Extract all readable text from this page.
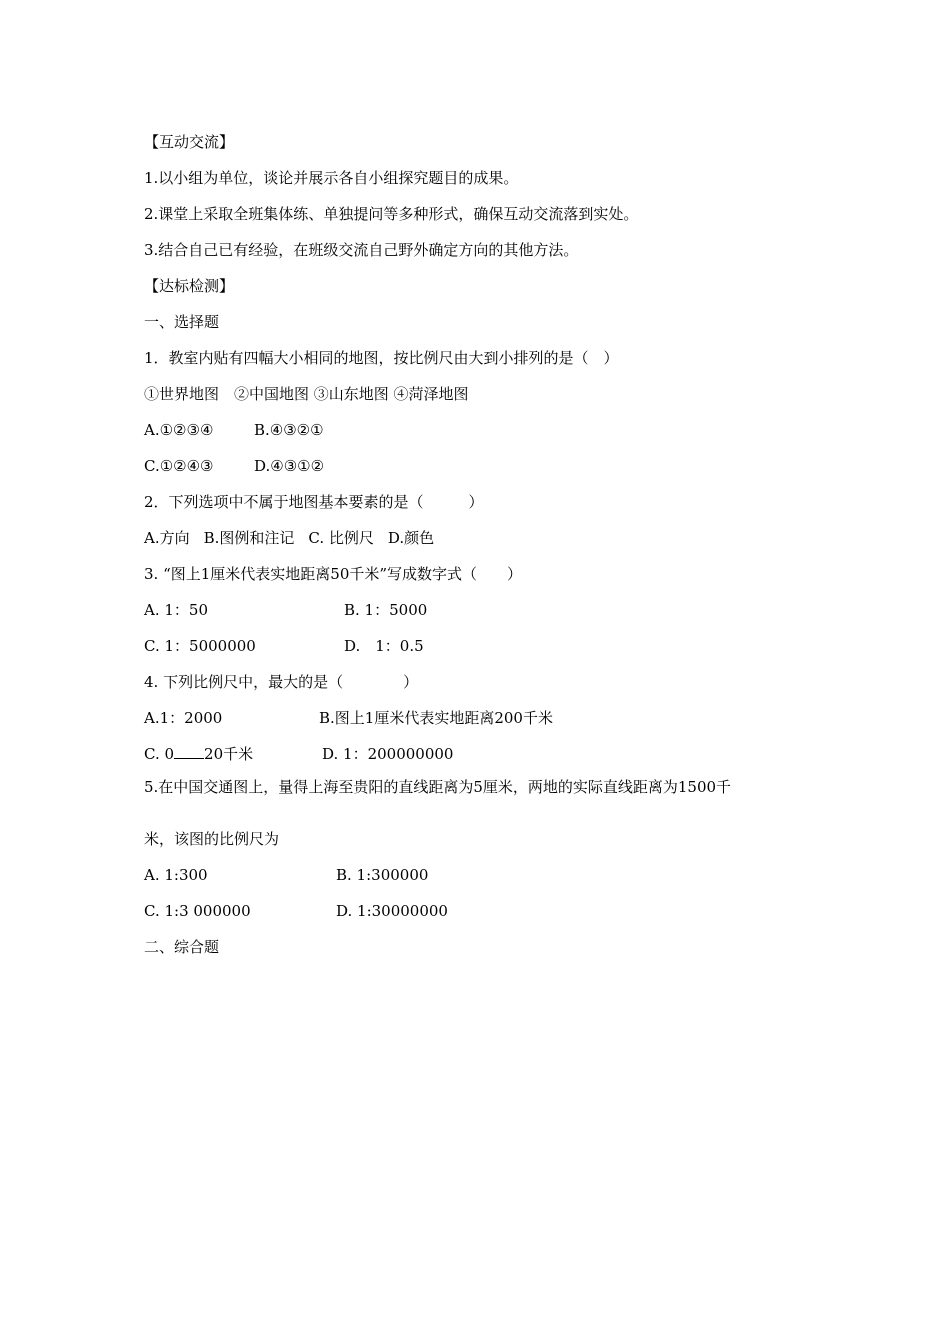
【互动交流】
1.以小组为单位，谈论并展示各自小组探究题目的成果。
2.课堂上采取全班集体练、单独提问等多种形式，确保互动交流落到实处。
3.结合自己已有经验，在班级交流自己野外确定方向的其他方法。
【达标检测】
一、选择题
1．教室内贴有四幅大小相同的地图，按比例尺由大到小排列的是（　）
①世界地图　②中国地图 ③山东地图 ④菏泽地图
A.①②③④	B.④③②①
C.①②④③	D.④③①②
2．下列选项中不属于地图基本要素的是（　　　）
A.方向 B.图例和注记 C. 比例尺 D.颜色
3. “图上1厘米代表实地距离50千米”写成数字式（　　）
A. 1：50	B. 1：5000
C. 1：5000000	D.　1：0.5
4. 下列比例尺中，最大的是（　　　　）
A.1：2000	B.图上1厘米代表实地距离200千米
C. 0 20千米	D. 1：200000000
5.在中国交通图上，量得上海至贵阳的直线距离为5厘米，两地的实际直线距离为1500千
米，该图的比例尺为
A. 1:300	B. 1:300000
C. 1:3 000000	D. 1:30000000
二、综合题
